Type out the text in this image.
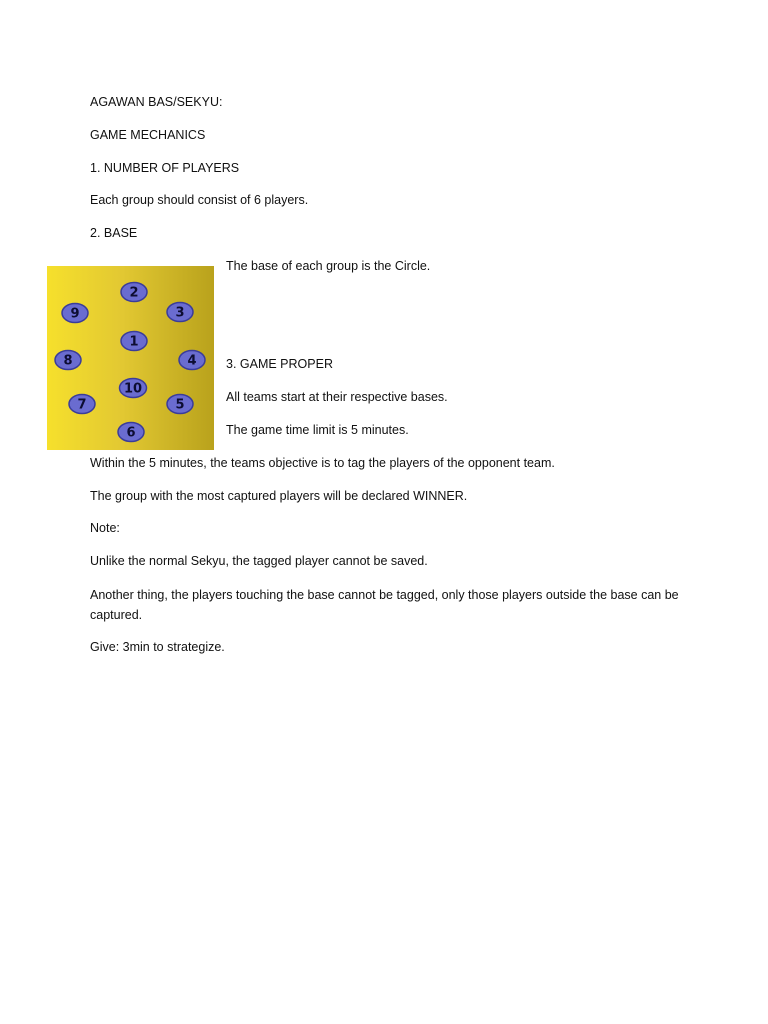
AGAWAN BAS/SEKYU:

GAME MECHANICS

1. NUMBER OF PLAYERS

Each group should consist of 6 players.

2. BASE

2
9	3
1
8	4
10
7	5
6

The base of each group is the Circle.

3. GAME PROPER

All teams start at their respective bases.

The game time limit is 5 minutes.

Within the 5 minutes, the teams objective is to tag the players of the opponent team.

The group with the most captured players will be declared WINNER.

Note:

Unlike the normal Sekyu, the tagged player cannot be saved.

Another thing, the players touching the base cannot be tagged, only those players outside the base can be captured.

Give: 3min to strategize.
